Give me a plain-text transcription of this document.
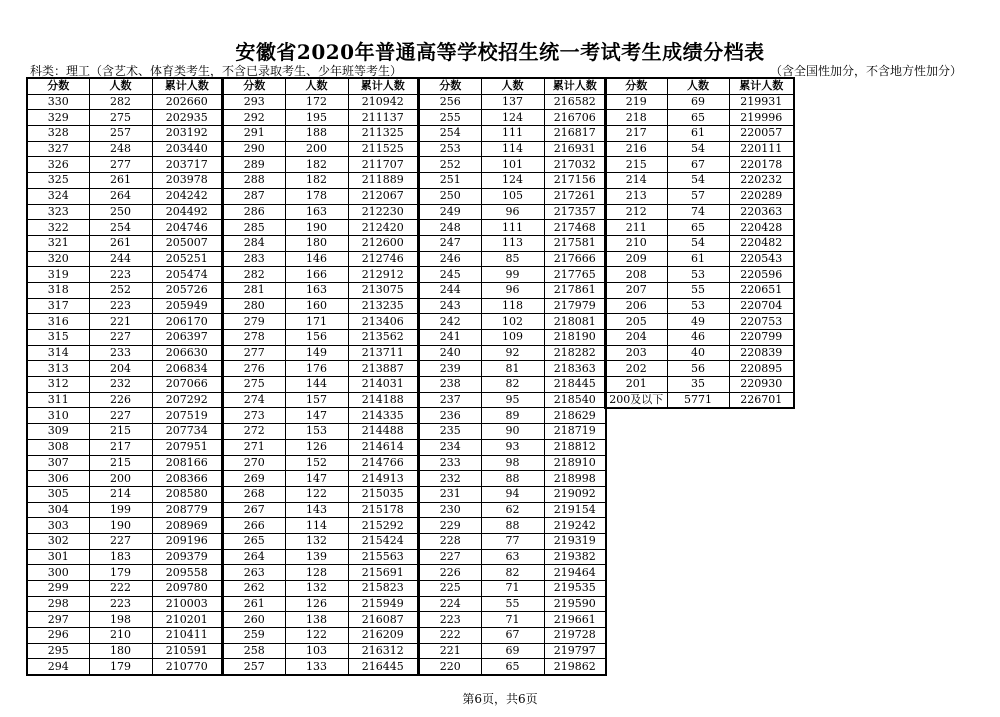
安徽省2020年普通高等学校招生统一考试考生成绩分档表
科类：理工（含艺术、体育类考生，不含已录取考生、少年班等考生）	（含全国性加分，不含地方性加分）
分数	人数	累计人数
330	282	202660
329	275	202935
328	257	203192
327	248	203440
326	277	203717
325	261	203978
324	264	204242
323	250	204492
322	254	204746
321	261	205007
320	244	205251
319	223	205474
318	252	205726
317	223	205949
316	221	206170
315	227	206397
314	233	206630
313	204	206834
312	232	207066
311	226	207292
310	227	207519
309	215	207734
308	217	207951
307	215	208166
306	200	208366
305	214	208580
304	199	208779
303	190	208969
302	227	209196
301	183	209379
300	179	209558
299	222	209780
298	223	210003
297	198	210201
296	210	210411
295	180	210591
294	179	210770
分数	人数	累计人数
293	172	210942
292	195	211137
291	188	211325
290	200	211525
289	182	211707
288	182	211889
287	178	212067
286	163	212230
285	190	212420
284	180	212600
283	146	212746
282	166	212912
281	163	213075
280	160	213235
279	171	213406
278	156	213562
277	149	213711
276	176	213887
275	144	214031
274	157	214188
273	147	214335
272	153	214488
271	126	214614
270	152	214766
269	147	214913
268	122	215035
267	143	215178
266	114	215292
265	132	215424
264	139	215563
263	128	215691
262	132	215823
261	126	215949
260	138	216087
259	122	216209
258	103	216312
257	133	216445
分数	人数	累计人数
256	137	216582
255	124	216706
254	111	216817
253	114	216931
252	101	217032
251	124	217156
250	105	217261
249	96	217357
248	111	217468
247	113	217581
246	85	217666
245	99	217765
244	96	217861
243	118	217979
242	102	218081
241	109	218190
240	92	218282
239	81	218363
238	82	218445
237	95	218540
236	89	218629
235	90	218719
234	93	218812
233	98	218910
232	88	218998
231	94	219092
230	62	219154
229	88	219242
228	77	219319
227	63	219382
226	82	219464
225	71	219535
224	55	219590
223	71	219661
222	67	219728
221	69	219797
220	65	219862
分数	人数	累计人数
219	69	219931
218	65	219996
217	61	220057
216	54	220111
215	67	220178
214	54	220232
213	57	220289
212	74	220363
211	65	220428
210	54	220482
209	61	220543
208	53	220596
207	55	220651
206	53	220704
205	49	220753
204	46	220799
203	40	220839
202	56	220895
201	35	220930
200及以下	5771	226701
第6页，共6页
